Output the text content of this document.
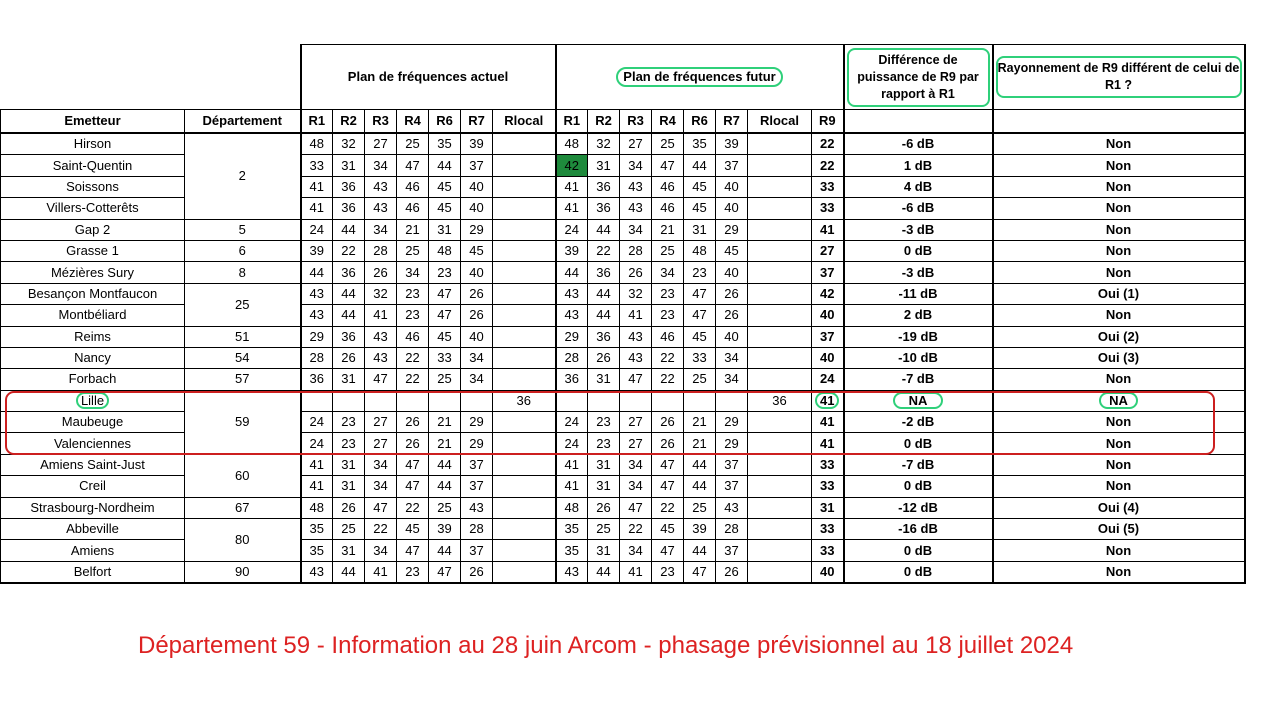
		Plan de fréquences actuel							Plan de fréquences futur								Différence de puissance de R9 par rapport à R1	Rayonnement de R9 différent de celui de R1 ?

Emetteur	Département	R1	R2	R3	R4	R6	R7	Rlocal	R1	R2	R3	R4	R6	R7	Rlocal	R9		
Hirson	2	48	32	27	25	35	39		48	32	27	25	35	39		22	-6 dB	Non
Saint-Quentin		33	31	34	47	44	37		42	31	34	47	44	37		22	1 dB	Non
Soissons		41	36	43	46	45	40		41	36	43	46	45	40		33	4 dB	Non
Villers-Cotterêts		41	36	43	46	45	40		41	36	43	46	45	40		33	-6 dB	Non
Gap 2	5	24	44	34	21	31	29		24	44	34	21	31	29		41	-3 dB	Non
Grasse 1	6	39	22	28	25	48	45		39	22	28	25	48	45		27	0 dB	Non
Mézières Sury	8	44	36	26	34	23	40		44	36	26	34	23	40		37	-3 dB	Non
Besançon Montfaucon	25	43	44	32	23	47	26		43	44	32	23	47	26		42	-11 dB	Oui (1)
Montbéliard		43	44	41	23	47	26		43	44	41	23	47	26		40	2 dB	Non
Reims	51	29	36	43	46	45	40		29	36	43	46	45	40		37	-19 dB	Oui (2)
Nancy	54	28	26	43	22	33	34		28	26	43	22	33	34		40	-10 dB	Oui (3)
Forbach	57	36	31	47	22	25	34		36	31	47	22	25	34		24	-7 dB	Non
Lille	59							36							36	41	NA	NA
Maubeuge		24	23	27	26	21	29		24	23	27	26	21	29		41	-2 dB	Non
Valenciennes		24	23	27	26	21	29		24	23	27	26	21	29		41	0 dB	Non
Amiens Saint-Just	60	41	31	34	47	44	37		41	31	34	47	44	37		33	-7 dB	Non
Creil		41	31	34	47	44	37		41	31	34	47	44	37		33	0 dB	Non
Strasbourg-Nordheim	67	48	26	47	22	25	43		48	26	47	22	25	43		31	-12 dB	Oui (4)
Abbeville	80	35	25	22	45	39	28		35	25	22	45	39	28		33	-16 dB	Oui (5)
Amiens		35	31	34	47	44	37		35	31	34	47	44	37		33	0 dB	Non
Belfort	90	43	44	41	23	47	26		43	44	41	23	47	26		40	0 dB	Non
Département 59 - Information au 28 juin Arcom - phasage prévisionnel au 18 juillet 2024
